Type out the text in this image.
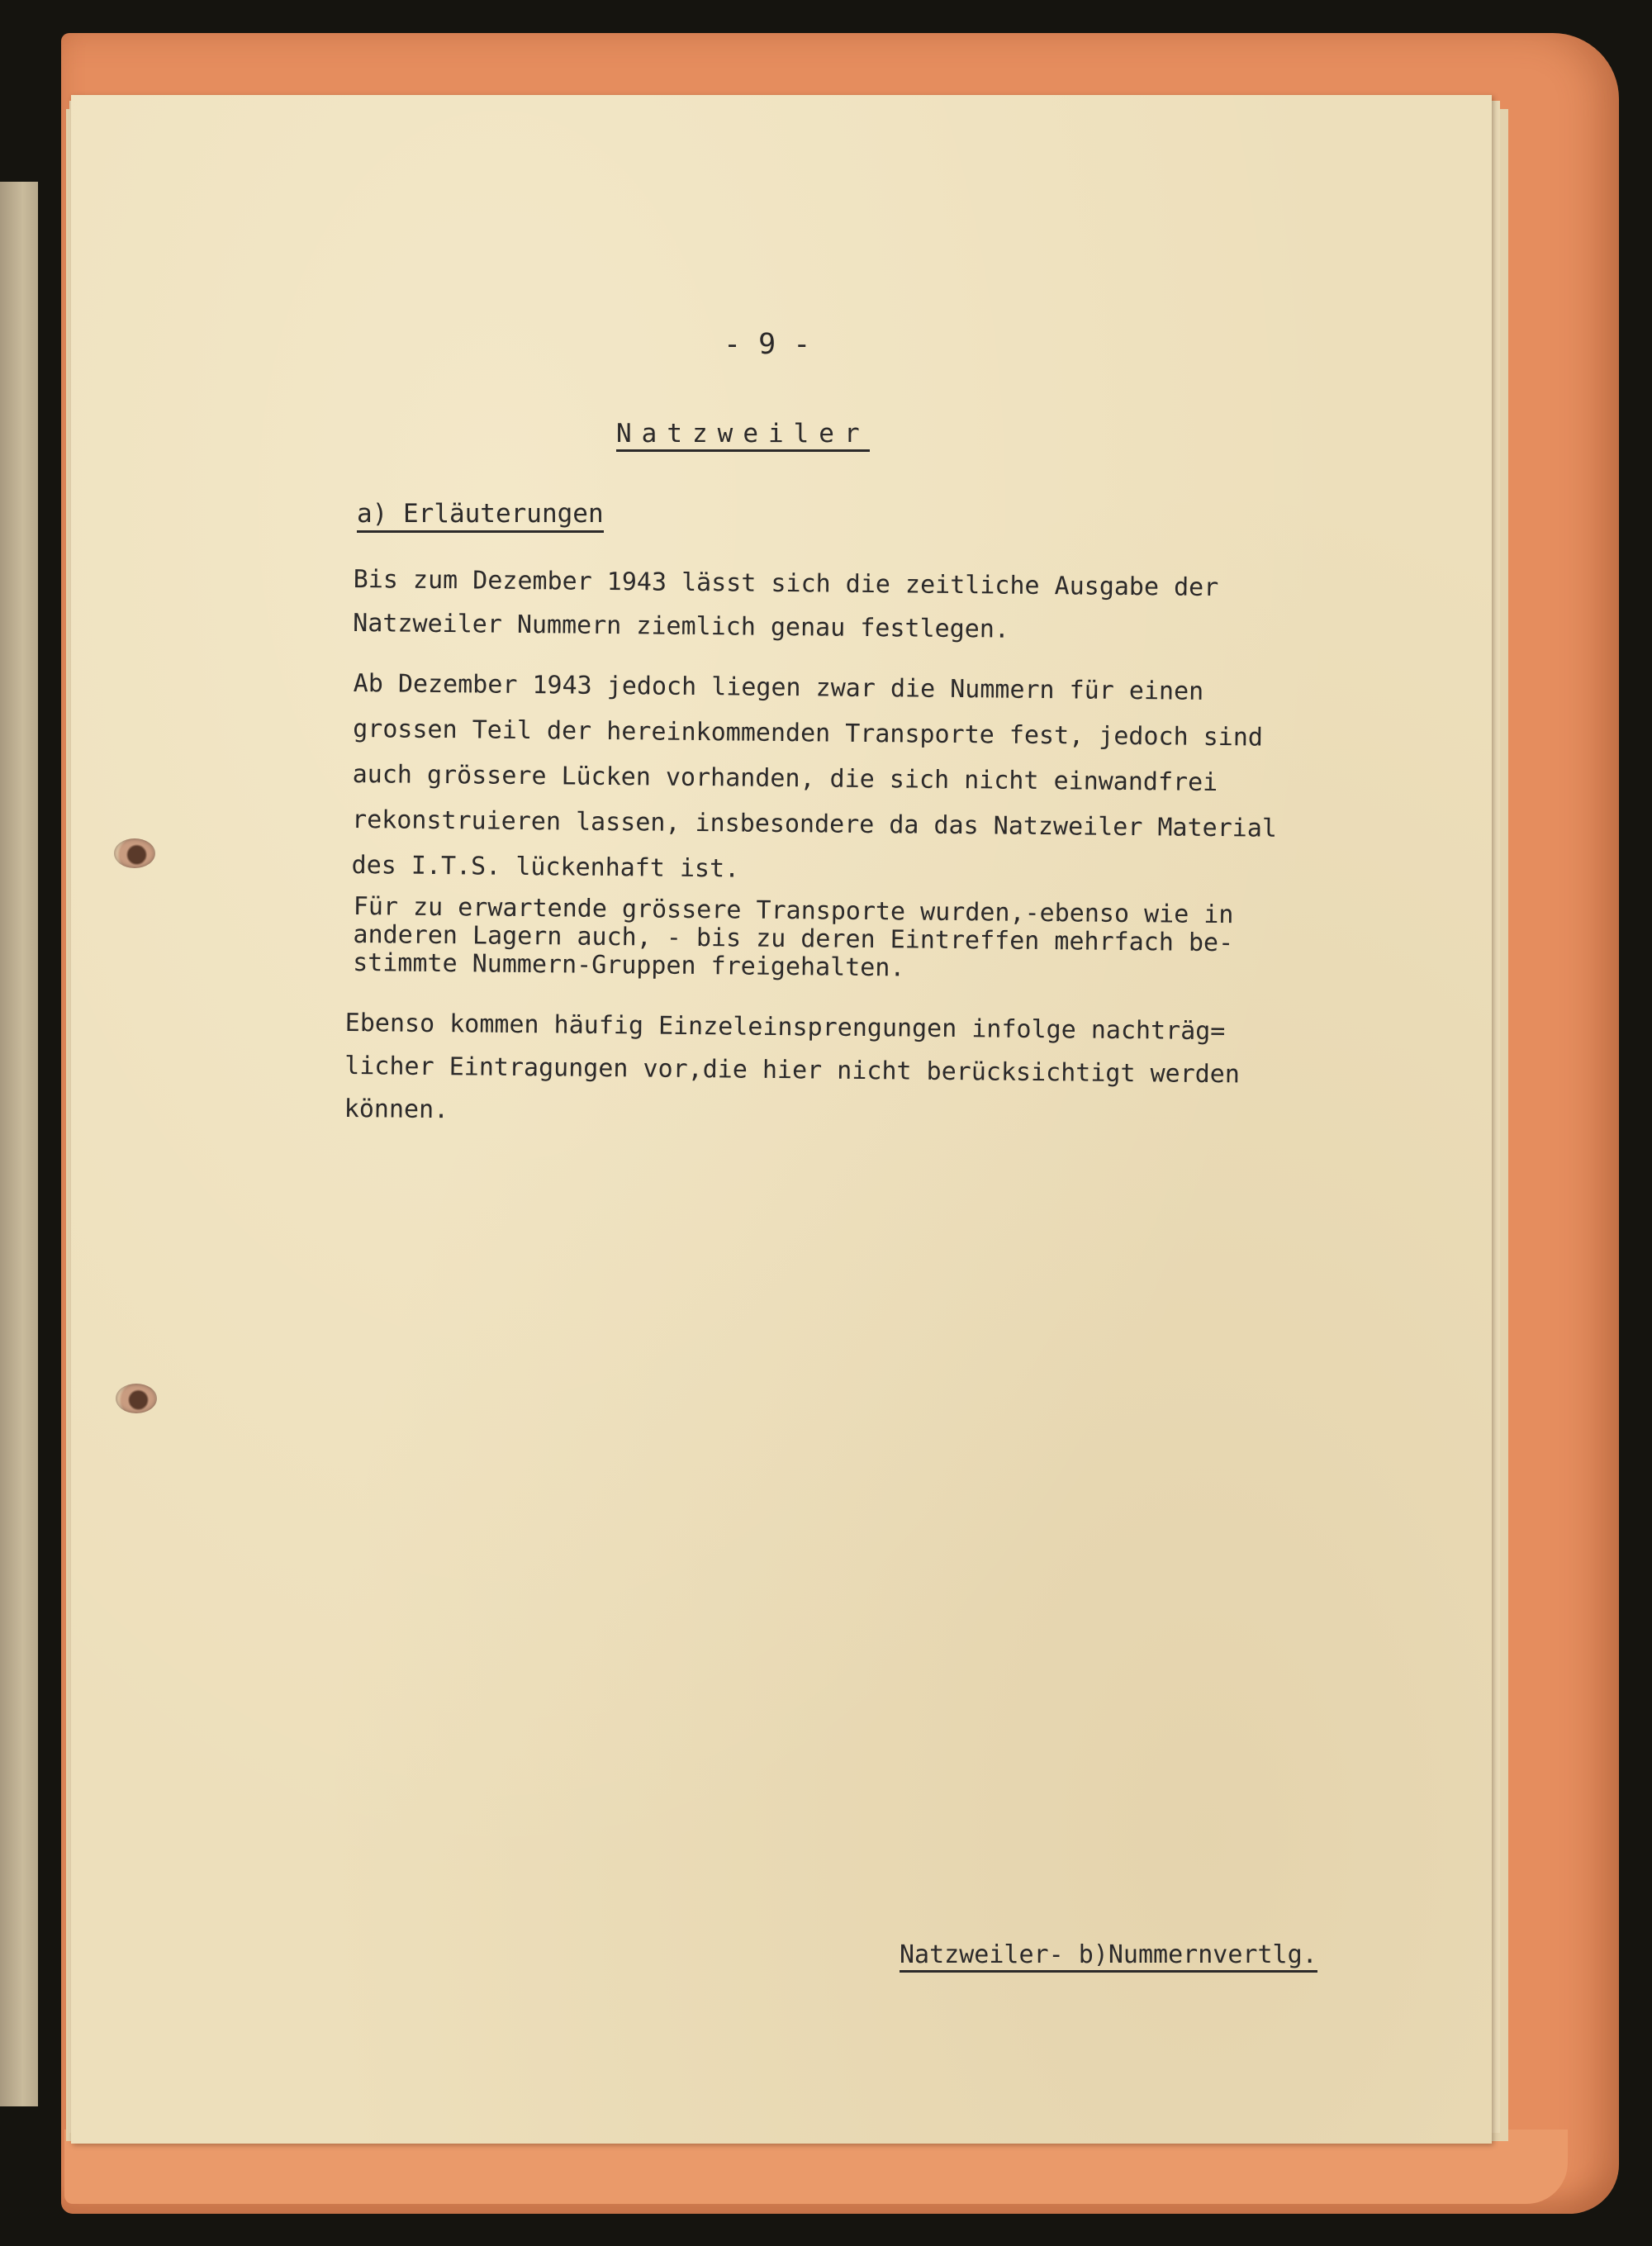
- 9 -

Natzweiler

a) Erläuterungen

Bis zum Dezember 1943 lässt sich die zeitliche Ausgabe der
Natzweiler Nummern ziemlich genau festlegen.
Ab Dezember 1943 jedoch liegen zwar die Nummern für einen
grossen Teil der hereinkommenden Transporte fest, jedoch sind
auch grössere Lücken vorhanden, die sich nicht einwandfrei
rekonstruieren lassen, insbesondere da das Natzweiler Material
des I.T.S. lückenhaft ist.
Für zu erwartende grössere Transporte wurden,-ebenso wie in
anderen Lagern auch, - bis zu deren Eintreffen mehrfach be-
stimmte Nummern-Gruppen freigehalten.
Ebenso kommen häufig Einzeleinsprengungen infolge nachträg=
licher Eintragungen vor,die hier nicht berücksichtigt werden
können.

Natzweiler- b)Nummernvertlg.
